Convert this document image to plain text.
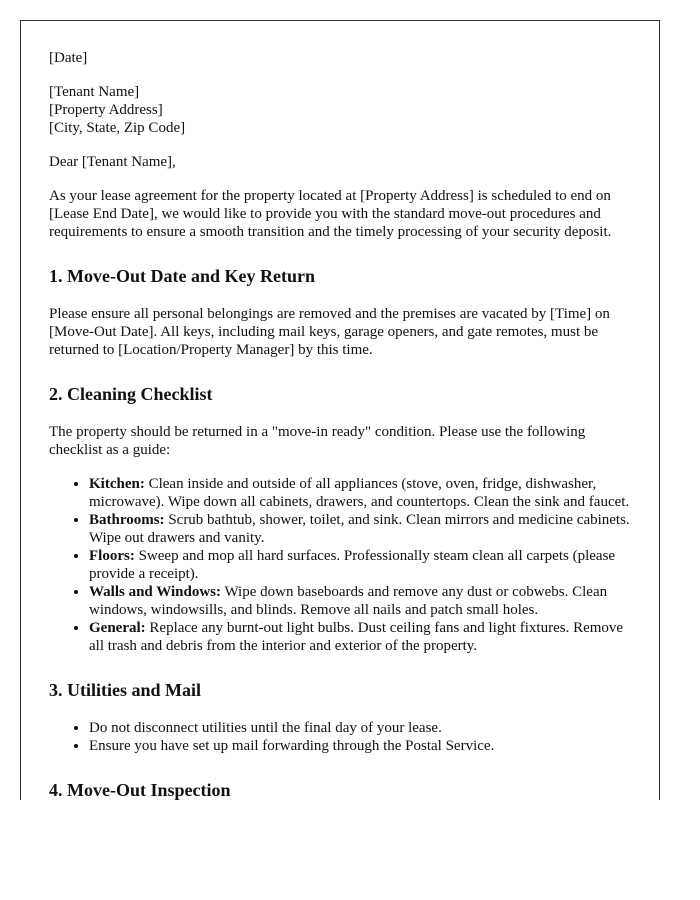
[Date]

[Tenant Name]
[Property Address]
[City, State, Zip Code]

Dear [Tenant Name],

As your lease agreement for the property located at [Property Address] is scheduled to end on [Lease End Date], we would like to provide you with the standard move-out procedures and requirements to ensure a smooth transition and the timely processing of your security deposit.

1. Move-Out Date and Key Return

Please ensure all personal belongings are removed and the premises are vacated by [Time] on [Move-Out Date]. All keys, including mail keys, garage openers, and gate remotes, must be returned to [Location/Property Manager] by this time.

2. Cleaning Checklist

The property should be returned in a "move-in ready" condition. Please use the following checklist as a guide:

• Kitchen: Clean inside and outside of all appliances (stove, oven, fridge, dishwasher, microwave). Wipe down all cabinets, drawers, and countertops. Clean the sink and faucet.
• Bathrooms: Scrub bathtub, shower, toilet, and sink. Clean mirrors and medicine cabinets. Wipe out drawers and vanity.
• Floors: Sweep and mop all hard surfaces. Professionally steam clean all carpets (please provide a receipt).
• Walls and Windows: Wipe down baseboards and remove any dust or cobwebs. Clean windows, windowsills, and blinds. Remove all nails and patch small holes.
• General: Replace any burnt-out light bulbs. Dust ceiling fans and light fixtures. Remove all trash and debris from the interior and exterior of the property.
3. Utilities and Mail
• Do not disconnect utilities until the final day of your lease.
• Ensure you have set up mail forwarding through the Postal Service.
4. Move-Out Inspection
